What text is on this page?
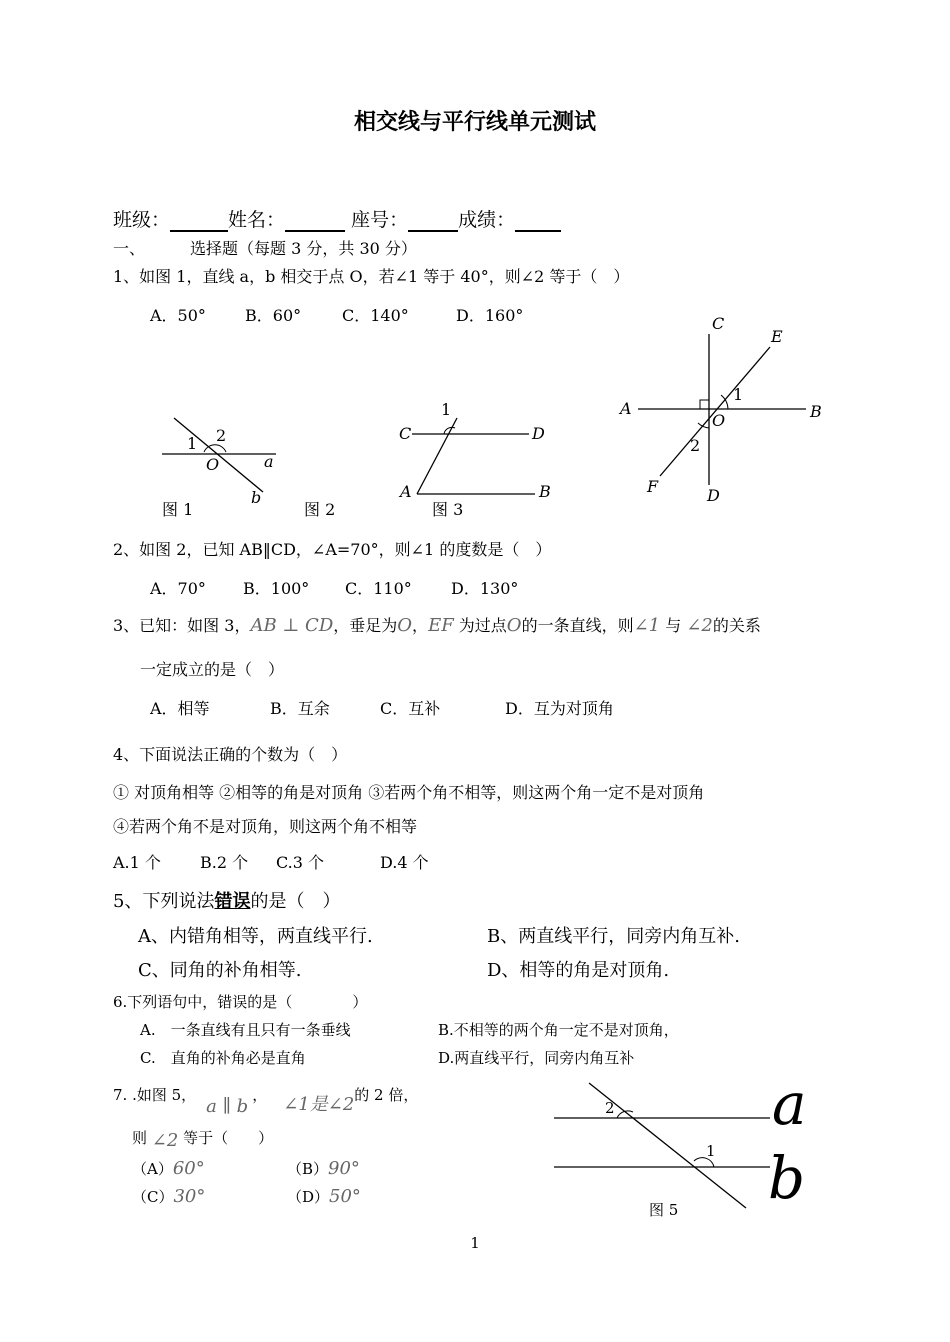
相交线与平行线单元测试
班级：	姓名：	座号：	成绩：
一、	选择题（每题 3 分，共 30 分）
1、如图 1，直线 a，b 相交于点 O，若∠1 等于 40°，则∠2 等于（　）
A．50° B．60°	C．140°	D．160°
1 2
O	a
b
图 1	图 2
1
C	D
A	B
图 3
C
E
A
1
O	B
2
F	D
2、如图 2，已知 AB‖CD，∠A=70°，则∠1 的度数是（　）
A．70° B．100° C．110° D．130°
3、已知：如图 3，AB ⊥ CD，垂足为O，EF 为过点O的一条直线，则∠1 与 ∠2的关系
一定成立的是（　）
A．相等	B．互余	C．互补	D．互为对顶角
4、下面说法正确的个数为（　）
① 对顶角相等 ②相等的角是对顶角 ③若两个角不相等，则这两个角一定不是对顶角
④若两个角不是对顶角，则这两个角不相等
A.1 个 B.2 个 C.3 个	D.4 个
5、下列说法错误的是（　）
A、内错角相等，两直线平行.	B、两直线平行，同旁内角互补.
C、同角的补角相等.	D、相等的角是对顶角.
6.下列语句中，错误的是（　　　　）
A.　一条直线有且只有一条垂线	B.不相等的两个角一定不是对顶角，
C.　直角的补角必是直角	D.两直线平行，同旁内角互补
7. .如图 5，a ∥ b， ∠1是∠2的 2 倍，
则 ∠2 等于（　　）
（A）60°	（B）90°
（C）30°	（D）50°
2
1
a
b
图 5
1
